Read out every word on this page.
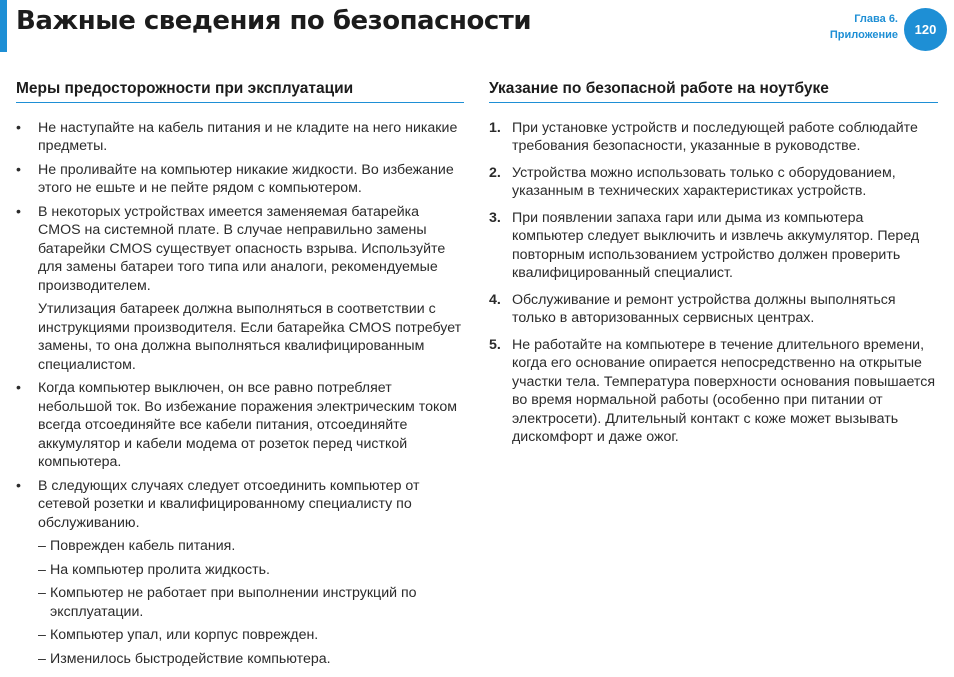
Важные сведения по безопасности	Глава 6.
Приложение	120
Меры предосторожности при эксплуатации
• Не наступайте на кабель питания и не кладите на него никакие предметы.
• Не проливайте на компьютер никакие жидкости. Во избежание этого не ешьте и не пейте рядом с компьютером.
• В некоторых устройствах имеется заменяемая батарейка CMOS на системной плате. В случае неправильно замены батарейки CMOS существует опасность взрыва. Используйте для замены батареи того типа или аналоги, рекомендуемые производителем.

Утилизация батареек должна выполняться в соответствии с инструкциями производителя. Если батарейка CMOS потребует замены, то она должна выполняться квалифицированным специалистом.

• Когда компьютер выключен, он все равно потребляет небольшой ток. Во избежание поражения электрическим током всегда отсоединяйте все кабели питания, отсоединяйте аккумулятор и кабели модема от розеток перед чисткой компьютера.
• В следующих случаях следует отсоединить компьютер от сетевой розетки и квалифицированному специалисту по обслуживанию.
– Поврежден кабель питания.
– На компьютер пролита жидкость.
– Компьютер не работает при выполнении инструкций по эксплуатации.
– Компьютер упал, или корпус поврежден.
– Изменилось быстродействие компьютера.
Указание по безопасной работе на ноутбуке
1. При установке устройств и последующей работе соблюдайте требования безопасности, указанные в руководстве.
2. Устройства можно использовать только с оборудованием, указанным в технических характеристиках устройств.
3. При появлении запаха гари или дыма из компьютера компьютер следует выключить и извлечь аккумулятор. Перед повторным использованием устройство должен проверить квалифицированный специалист.
4. Обслуживание и ремонт устройства должны выполняться только в авторизованных сервисных центрах.
5. Не работайте на компьютере в течение длительного времени, когда его основание опирается непосредственно на открытые участки тела. Температура поверхности основания повышается во время нормальной работы (особенно при питании от электросети). Длительный контакт с коже может вызывать дискомфорт и даже ожог.
